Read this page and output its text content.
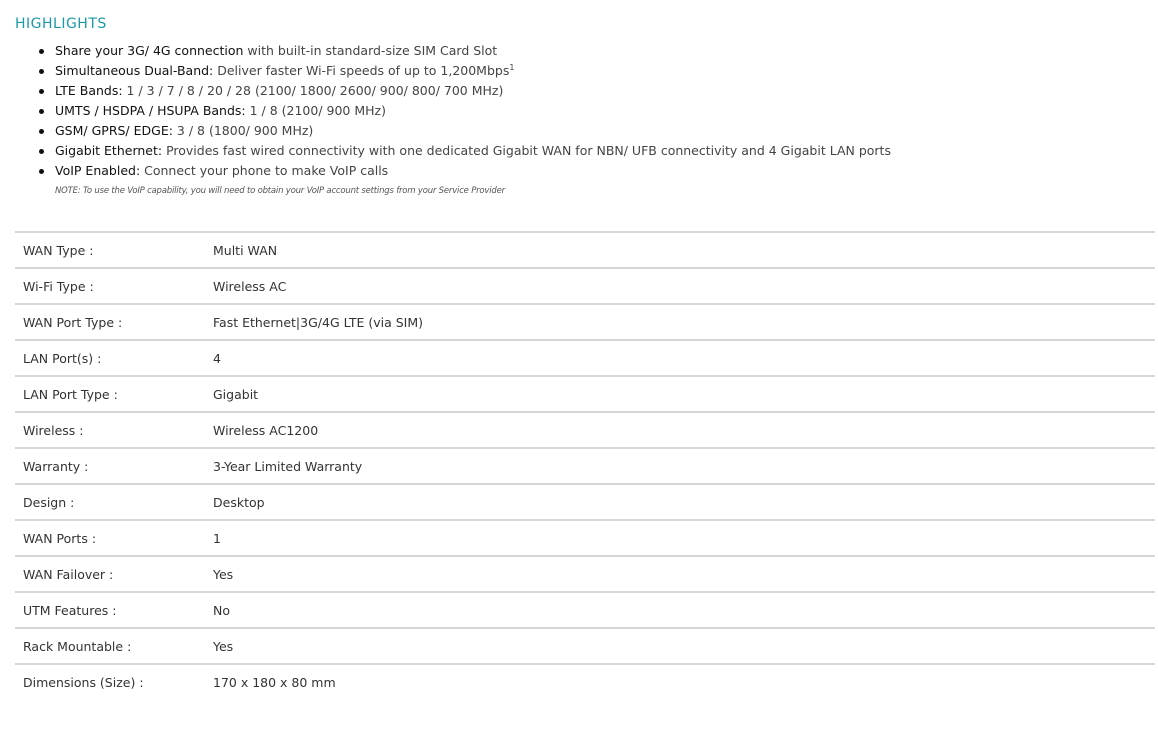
HIGHLIGHTS
Share your 3G/ 4G connection with built-in standard-size SIM Card Slot
Simultaneous Dual-Band: Deliver faster Wi-Fi speeds of up to 1,200Mbps$^1$
LTE Bands: 1 / 3 / 7 / 8 / 20 / 28 (2100/ 1800/ 2600/ 900/ 800/ 700 MHz)
UMTS / HSDPA / HSUPA Bands: 1 / 8 (2100/ 900 MHz)
GSM/ GPRS/ EDGE: 3 / 8 (1800/ 900 MHz)
Gigabit Ethernet: Provides fast wired connectivity with one dedicated Gigabit WAN for NBN/ UFB connectivity and 4 Gigabit LAN ports
VoIP Enabled: Connect your phone to make VoIP calls
NOTE: To use the VoIP capability, you will need to obtain your VoIP account settings from your Service Provider
WAN Type :	Multi WAN
Wi-Fi Type :	Wireless AC
WAN Port Type :	Fast Ethernet|3G/4G LTE (via SIM)
LAN Port(s) :	4
LAN Port Type :	Gigabit
Wireless :	Wireless AC1200
Warranty :	3-Year Limited Warranty
Design :	Desktop
WAN Ports :	1
WAN Failover :	Yes
UTM Features :	No
Rack Mountable :	Yes
Dimensions (Size) :	170 x 180 x 80 mm
